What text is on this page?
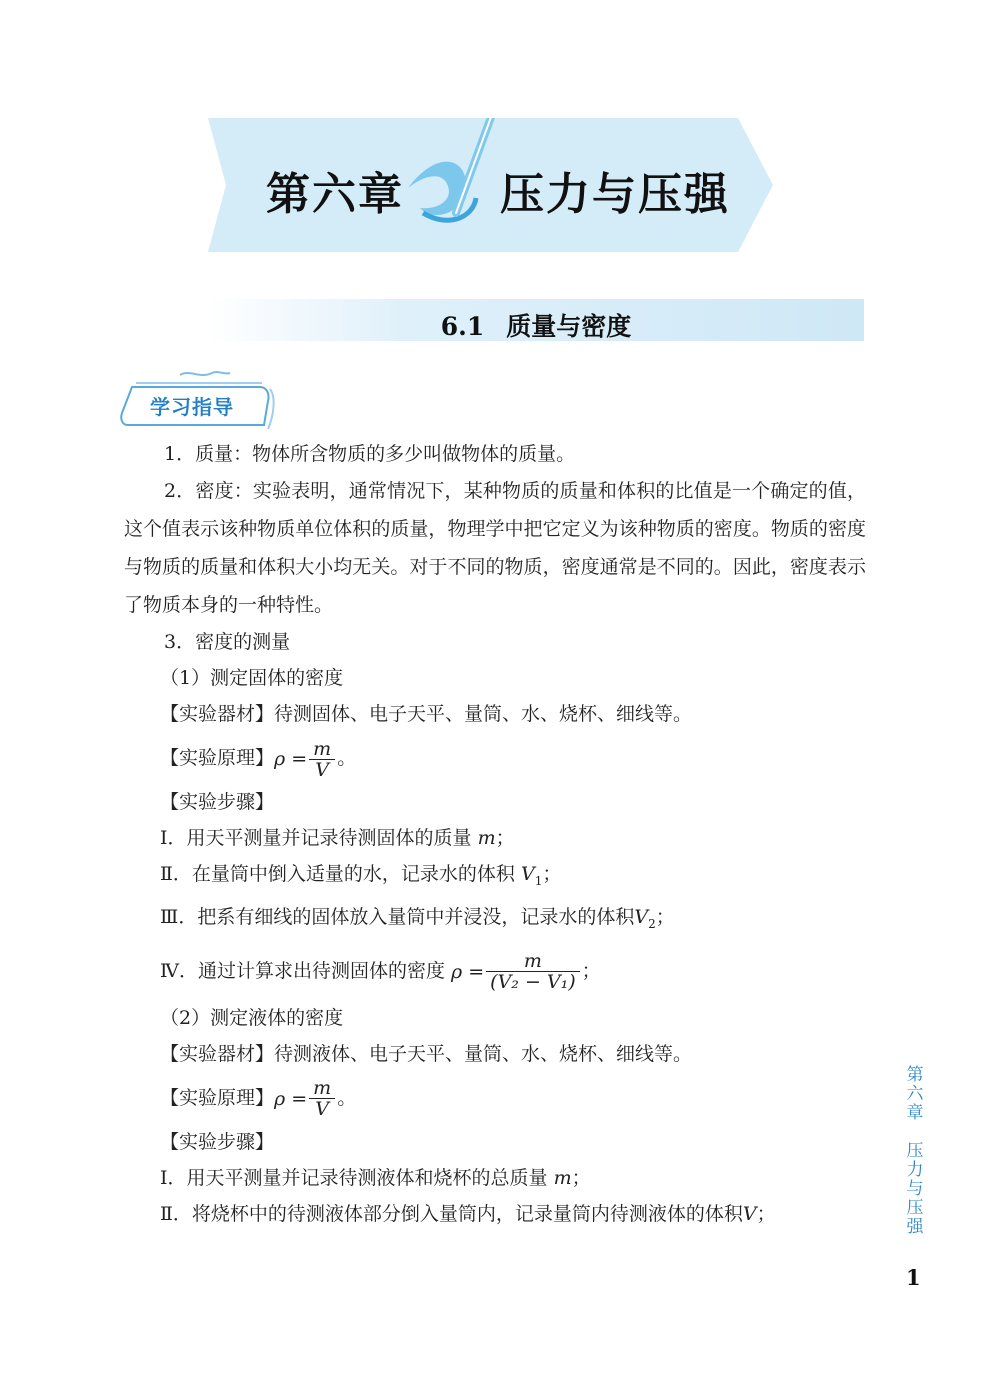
第六章 压力与压强
6.1 质量与密度
学习指导

1．质量：物体所含物质的多少叫做物体的质量。

2．密度：实验表明，通常情况下，某种物质的质量和体积的比值是一个确定的值，这个值表示该种物质单位体积的质量，物理学中把它定义为该种物质的密度。物质的密度与物质的质量和体积大小均无关。对于不同的物质，密度通常是不同的。因此，密度表示了物质本身的一种特性。

3．密度的测量

（1）测定固体的密度

【实验器材】待测固体、电子天平、量筒、水、烧杯、细线等。

【实验原理】$\rho = \frac{m}{V}$ 。

【实验步骤】

Ⅰ．用天平测量并记录待测固体的质量 m；

Ⅱ．在量筒中倒入适量的水，记录水的体积 $V_1$；

Ⅲ．把系有细线的固体放入量筒中并浸没，记录水的体积$V_2$；

Ⅳ．通过计算求出待测固体的密度 $\rho = \frac{m}{\text{(V₂ − V₁)}}$ ；

（2）测定液体的密度

【实验器材】待测液体、电子天平、量筒、水、烧杯、细线等。

【实验原理】$\rho = \frac{m}{V}$ 。

【实验步骤】

Ⅰ．用天平测量并记录待测液体和烧杯的总质量 m；

Ⅱ．将烧杯中的待测液体部分倒入量筒内，记录量筒内待测液体的体积V；

第
六
章
压
力
与
压
强
1
